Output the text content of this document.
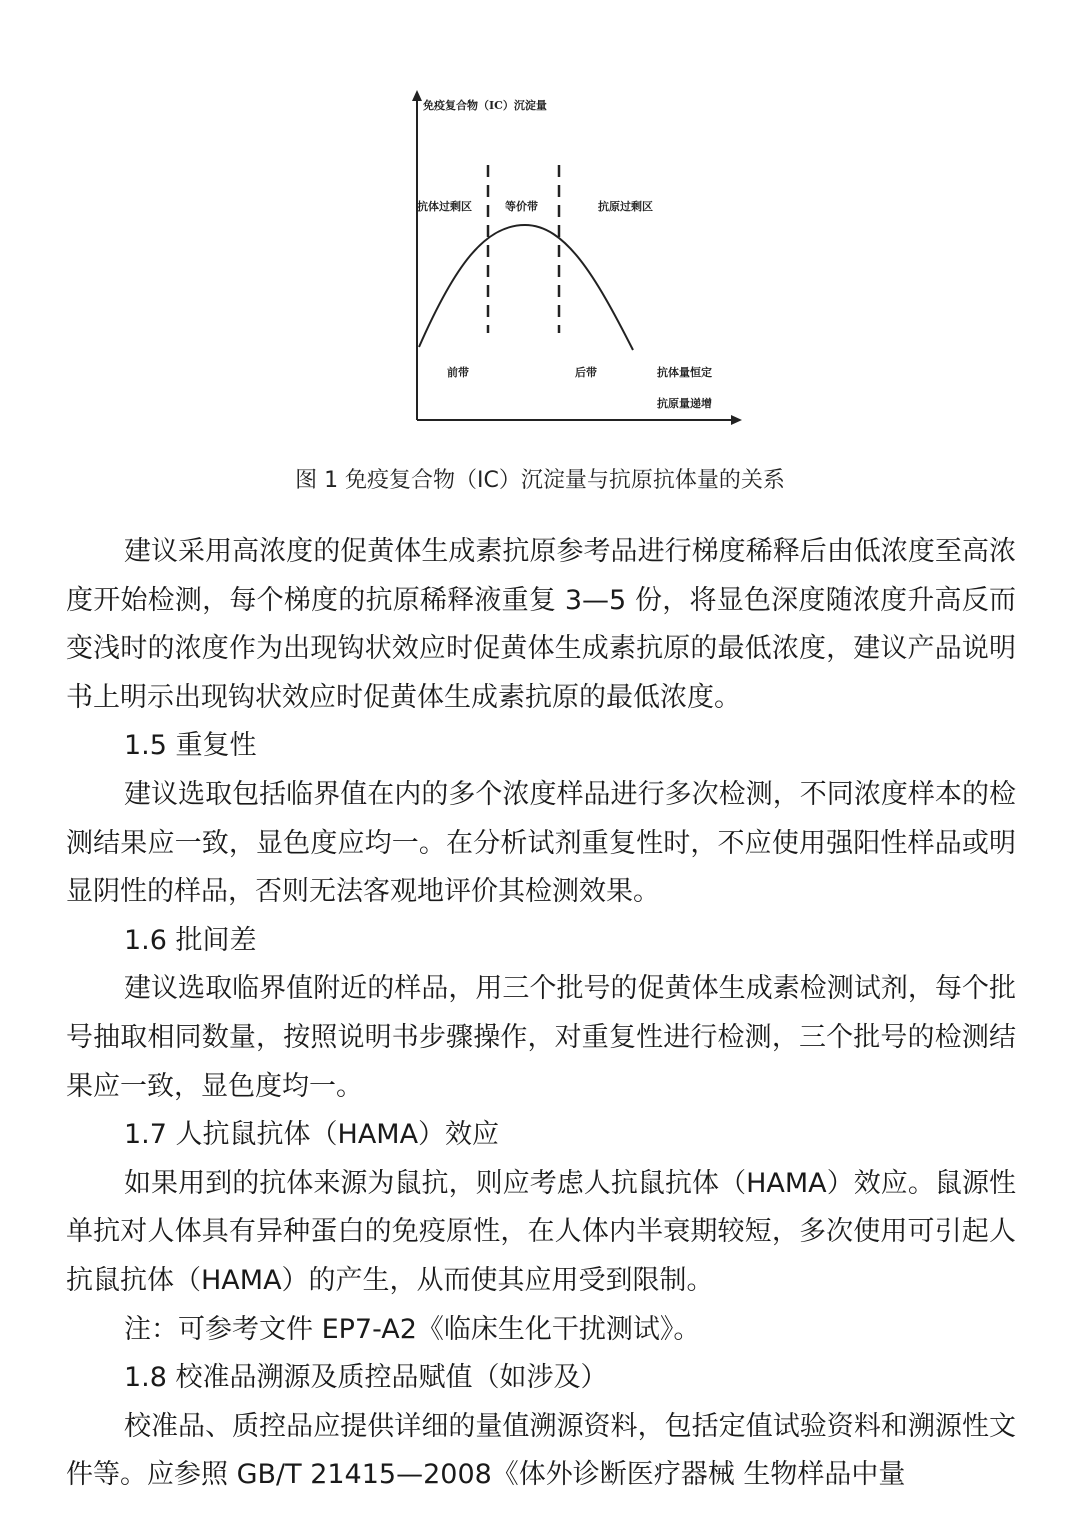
免疫复合物（IC）沉淀量
抗体过剩区	等价带	抗原过剩区
前带	后带	抗体量恒定
抗原量递增
图 1 免疫复合物（IC）沉淀量与抗原抗体量的关系

建议采用高浓度的促黄体生成素抗原参考品进行梯度稀释后由低浓度至高浓度开始检测，每个梯度的抗原稀释液重复 3—5 份，将显色深度随浓度升高反而变浅时的浓度作为出现钩状效应时促黄体生成素抗原的最低浓度，建议产品说明书上明示出现钩状效应时促黄体生成素抗原的最低浓度。

1.5 重复性

建议选取包括临界值在内的多个浓度样品进行多次检测，不同浓度样本的检测结果应一致，显色度应均一。在分析试剂重复性时，不应使用强阳性样品或明显阴性的样品，否则无法客观地评价其检测效果。

1.6 批间差

建议选取临界值附近的样品，用三个批号的促黄体生成素检测试剂，每个批号抽取相同数量，按照说明书步骤操作，对重复性进行检测，三个批号的检测结果应一致，显色度均一。

1.7 人抗鼠抗体（HAMA）效应

如果用到的抗体来源为鼠抗，则应考虑人抗鼠抗体（HAMA）效应。鼠源性单抗对人体具有异种蛋白的免疫原性，在人体内半衰期较短，多次使用可引起人抗鼠抗体（HAMA）的产生，从而使其应用受到限制。

注：可参考文件 EP7-A2《临床生化干扰测试》。

1.8 校准品溯源及质控品赋值（如涉及）

校准品、质控品应提供详细的量值溯源资料，包括定值试验资料和溯源性文件等。应参照 GB/T 21415—2008《体外诊断医疗器械 生物样品中量
